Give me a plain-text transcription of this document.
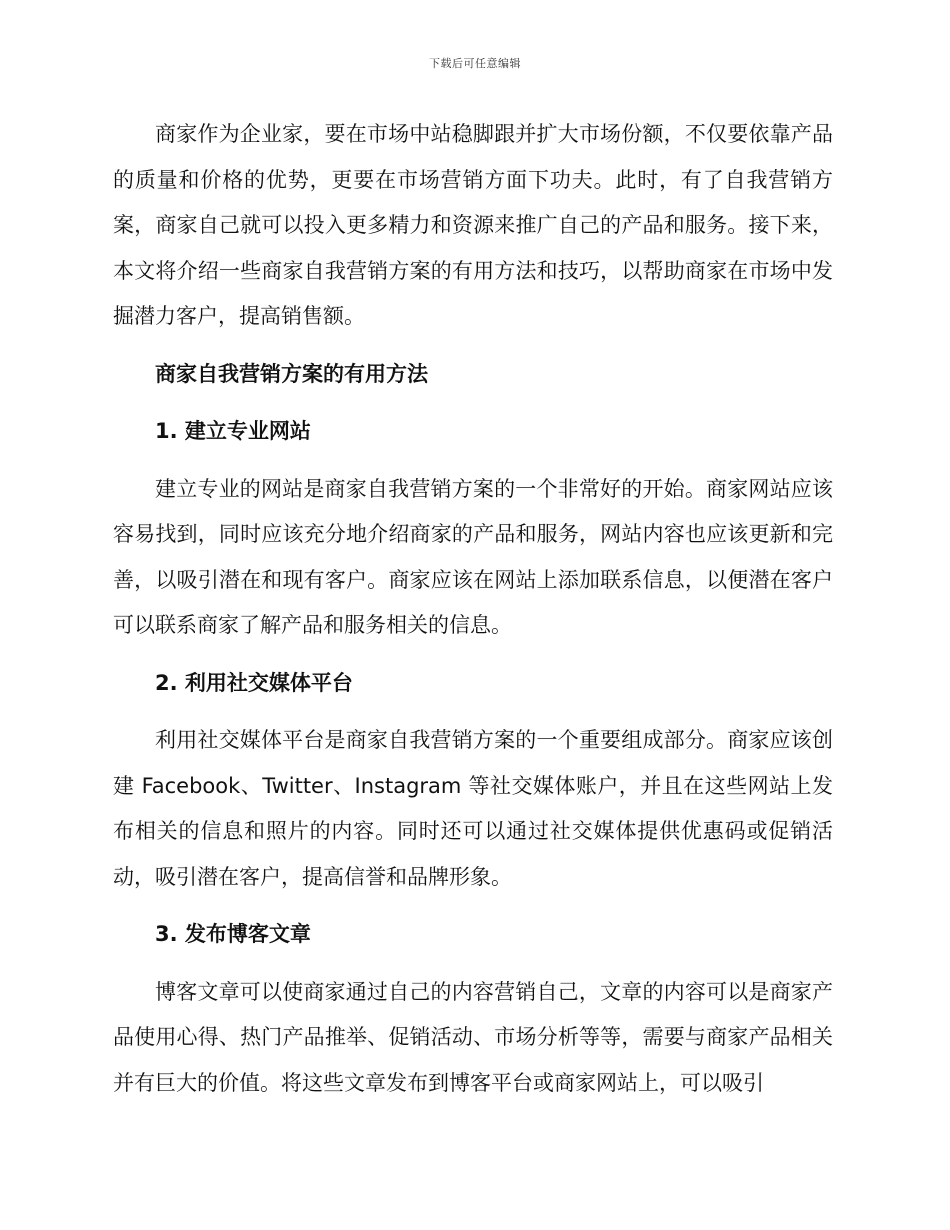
下载后可任意编辑

商家作为企业家，要在市场中站稳脚跟并扩大市场份额，不仅要依靠产品的质量和价格的优势，更要在市场营销方面下功夫。此时，有了自我营销方案，商家自己就可以投入更多精力和资源来推广自己的产品和服务。接下来，本文将介绍一些商家自我营销方案的有用方法和技巧，以帮助商家在市场中发掘潜力客户，提高销售额。

商家自我营销方案的有用方法

1. 建立专业网站

建立专业的网站是商家自我营销方案的一个非常好的开始。商家网站应该容易找到，同时应该充分地介绍商家的产品和服务，网站内容也应该更新和完善，以吸引潜在和现有客户。商家应该在网站上添加联系信息，以便潜在客户可以联系商家了解产品和服务相关的信息。

2. 利用社交媒体平台

利用社交媒体平台是商家自我营销方案的一个重要组成部分。商家应该创建 Facebook、Twitter、Instagram 等社交媒体账户，并且在这些网站上发布相关的信息和照片的内容。同时还可以通过社交媒体提供优惠码或促销活动，吸引潜在客户，提高信誉和品牌形象。

3. 发布博客文章

博客文章可以使商家通过自己的内容营销自己，文章的内容可以是商家产品使用心得、热门产品推举、促销活动、市场分析等等，需要与商家产品相关并有巨大的价值。将这些文章发布到博客平台或商家网站上，可以吸引
